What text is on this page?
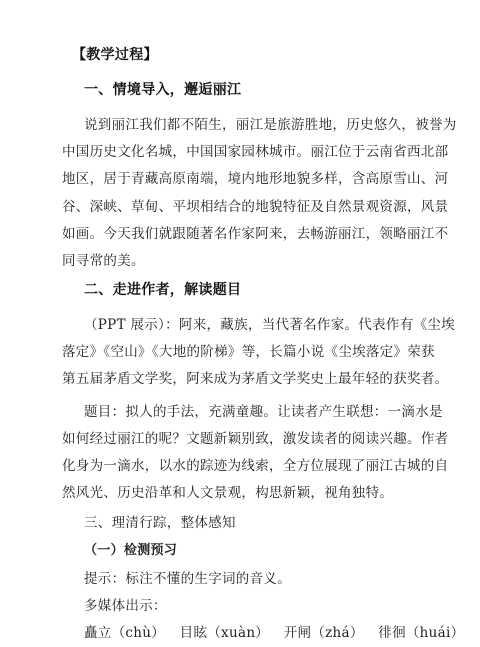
【教学过程】
一、情境导入，邂逅丽江
说到丽江我们都不陌生，丽江是旅游胜地，历史悠久，被誉为
中国历史文化名城，中国国家园林城市。丽江位于云南省西北部
地区，居于青藏高原南端，境内地形地貌多样，含高原雪山、河
谷、深峡、草甸、平坝相结合的地貌特征及自然景观资源，风景
如画。今天我们就跟随著名作家阿来，去畅游丽江，领略丽江不
同寻常的美。
二、走进作者，解读题目
（PPT 展示）：阿来，藏族，当代著名作家。代表作有《尘埃
落定》《空山》《大地的阶梯》等，长篇小说《尘埃落定》荣获
第五届茅盾文学奖，阿来成为茅盾文学奖史上最年轻的获奖者。
题目：拟人的手法，充满童趣。让读者产生联想：一滴水是
如何经过丽江的呢？文题新颖别致，激发读者的阅读兴趣。作者
化身为一滴水，以水的踪迹为线索，全方位展现了丽江古城的自
然风光、历史沿革和人文景观，构思新颖，视角独特。
三、理清行踪，整体感知
（一）检测预习
提示：标注不懂的生字词的音义。
多媒体出示：
矗立（chù） 目眩（xuàn） 开闸（zhá） 徘徊（huái）
